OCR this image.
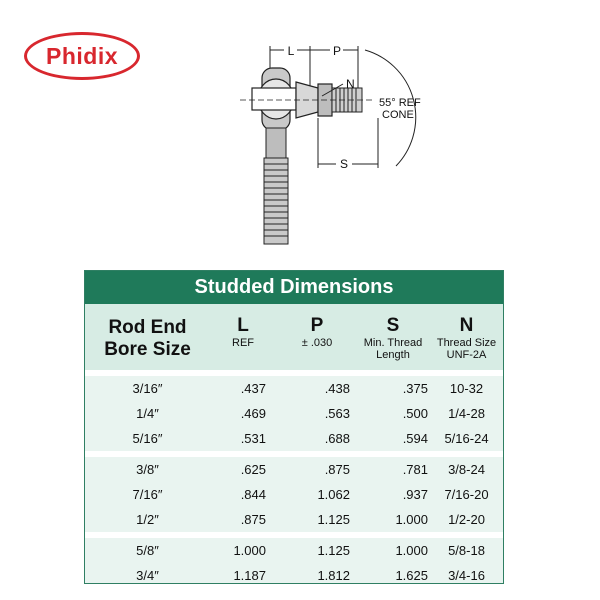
Phidix	L	P
N
55° REF
CONE
S
Studded Dimensions
Rod End
Bore Size
L
REF
P
± .030
S
Min. Thread
Length
N
Thread Size
UNF-2A
3/16″	.437	.438	.375	10-32
1/4″	.469	.563	.500	1/4-28
5/16″	.531	.688	.594	5/16-24
3/8″	.625	.875	.781	3/8-24
7/16″	.844	1.062	.937	7/16-20
1/2″	.875	1.125	1.000	1/2-20
5/8″	1.000	1.125	1.000	5/8-18
3/4″	1.187	1.812	1.625	3/4-16
